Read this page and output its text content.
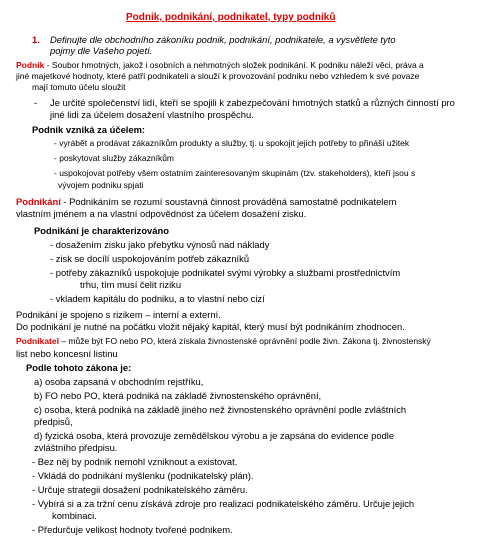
Podnik, podnikání, podnikatel, typy podniků
1. Definujte dle obchodního zákoníku podnik, podnikání, podnikatele, a vysvětlete tyto
pojmy dle Vašeho pojetí.
Podnik - Soubor hmotných, jakož i osobních a nehmotných složek podnikání. K podniku náleží věci, práva a
jiné majetkové hodnoty, které patří podnikateli a slouží k provozování podniku nebo vzhledem k své povaze
mají tomuto účelu sloužit
- Je určité společenství lidí, kteří se spojili k zabezpečování hmotných statků a různých činností pro
jiné lidi za účelem dosažení vlastního prospěchu.
Podnik vzniká za účelem:
- vyrábět a prodávat zákazníkům produkty a služby, tj. u spokojit jejich potřeby to přináší užitek
- poskytovat služby zákazníkům
- uspokojovat potřeby všem ostatním zainteresovaným skupinám (tzv. stakeholders), kteří jsou s
vývojem podniku spjati
Podnikání - Podnikáním se rozumí soustavná činnost prováděná samostatně podnikatelem
vlastním jménem a na vlastní odpovědnost za účelem dosažení zisku.
Podnikání je charakterizováno
- dosažením zisku jako přebytku výnosů nad náklady
- zisk se docílí uspokojováním potřeb zákazníků
- potřeby zákazníků uspokojuje podnikatel svými výrobky a službami prostřednictvím
trhu, tím musí čelit riziku
- vkladem kapitálu do podniku, a to vlastní nebo cizí
Podnikání je spojeno s rizikem – interní a externí.
Do podnikání je nutné na počátku vložit nějaký kapitál, který musí být podnikáním zhodnocen.
Podnikatel – může být FO nebo PO, která získala živnostenské oprávnění podle živn. Zákona tj. živnostenský
list nebo koncesní listinu
Podle tohoto zákona je:
a) osoba zapsaná v obchodním rejstříku,
b) FO nebo PO, která podniká na základě živnostenského oprávnění,
c) osoba, která podniká na základě jiného než živnostenského oprávnění podle zvláštních
předpisů,
d) fyzická osoba, která provozuje zemědělskou výrobu a je zapsána do evidence podle
zvláštního předpisu.
- Bez něj by podnik nemohl vzniknout a existovat.
- Vkládá do podnikání myšlenku (podnikatelský plán).
- Určuje strategii dosažení podnikatelského záměru.
- Vybírá si a za tržní cenu získává zdroje pro realizaci podnikatelského záměru. Určuje jejich
kombinaci.
- Předurčuje velikost hodnoty tvořené podnikem.
